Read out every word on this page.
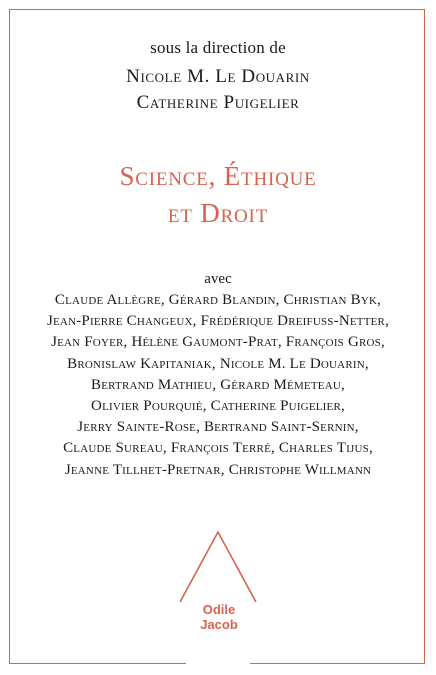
sous la direction de
Nicole M. Le Douarin
Catherine Puigelier
Science, Éthique
et Droit
avec
Claude Allègre, Gérard Blandin, Christian Byk,
Jean-Pierre Changeux, Frédérique Dreifuss-Netter,
Jean Foyer, Hélène Gaumont-Prat, François Gros,
Bronislaw Kapitaniak, Nicole M. Le Douarin,
Bertrand Mathieu, Gérard Mémeteau,
Olivier Pourquié, Catherine Puigelier,
Jerry Sainte-Rose, Bertrand Saint-Sernin,
Claude Sureau, François Terré, Charles Tijus,
Jeanne Tillhet-Pretnar, Christophe Willmann
Odile
Jacob
